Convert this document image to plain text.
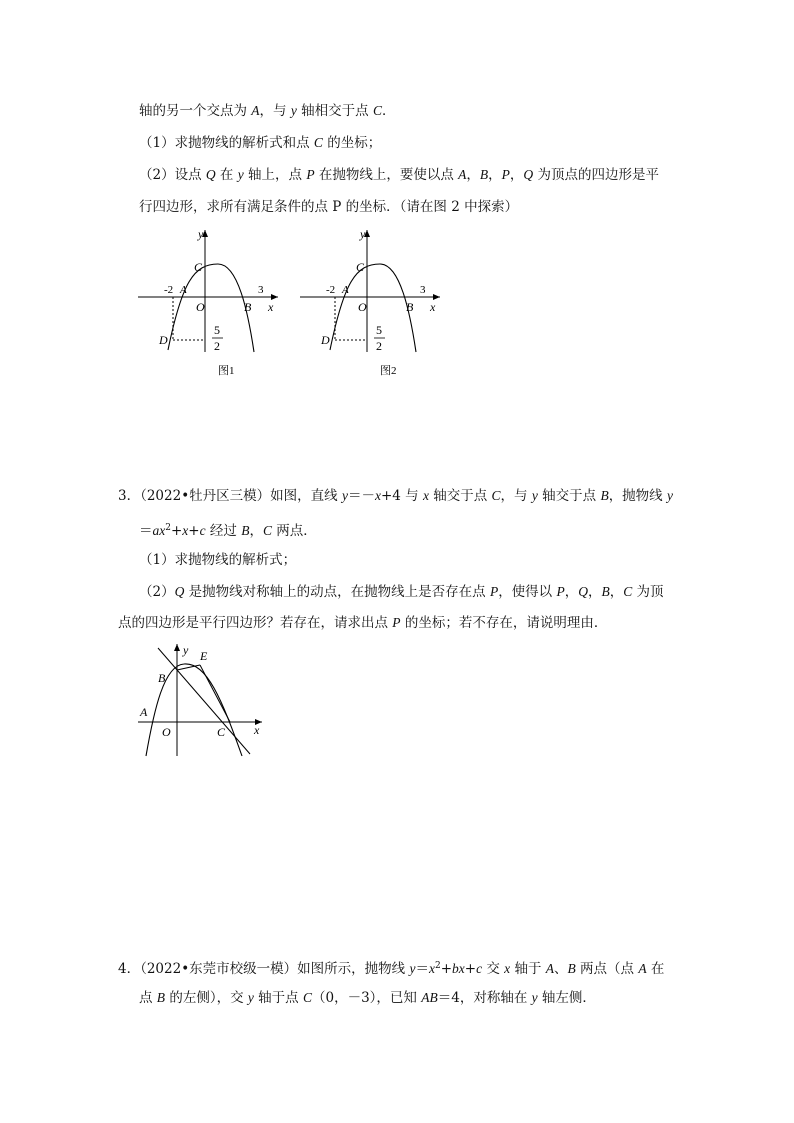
轴的另一个交点为 A，与 y 轴相交于点 C．
（1）求抛物线的解析式和点 C 的坐标；
（2）设点 Q 在 y 轴上，点 P 在抛物线上，要使以点 A，B，P，Q 为顶点的四边形是平
行四边形，求所有满足条件的点 P 的坐标．（请在图 2 中探索）
y
x
C
-2 A
O
3
B
D
5
2
图1
y
x
C
-2 A
O
3
B
D
5
2
图2
3．（2022•牡丹区三模）如图，直线 y＝－x+4 与 x 轴交于点 C，与 y 轴交于点 B，抛物线 y
$=ax^2+x+c$ 经过 B，C 两点．
（1）求抛物线的解析式；
（2）Q 是抛物线对称轴上的动点，在抛物线上是否存在点 P，使得以 P，Q，B，C 为顶
点的四边形是平行四边形？若存在，请求出点 P 的坐标；若不存在，请说明理由．
y E
B
A
O	C x
4．（2022•东莞市校级一模）如图所示，抛物线 $y=x^2+bx+c$ 交 x 轴于 A、B 两点（点 A 在
点 B 的左侧），交 y 轴于点 C（0，－3），已知 AB＝4，对称轴在 y 轴左侧．
